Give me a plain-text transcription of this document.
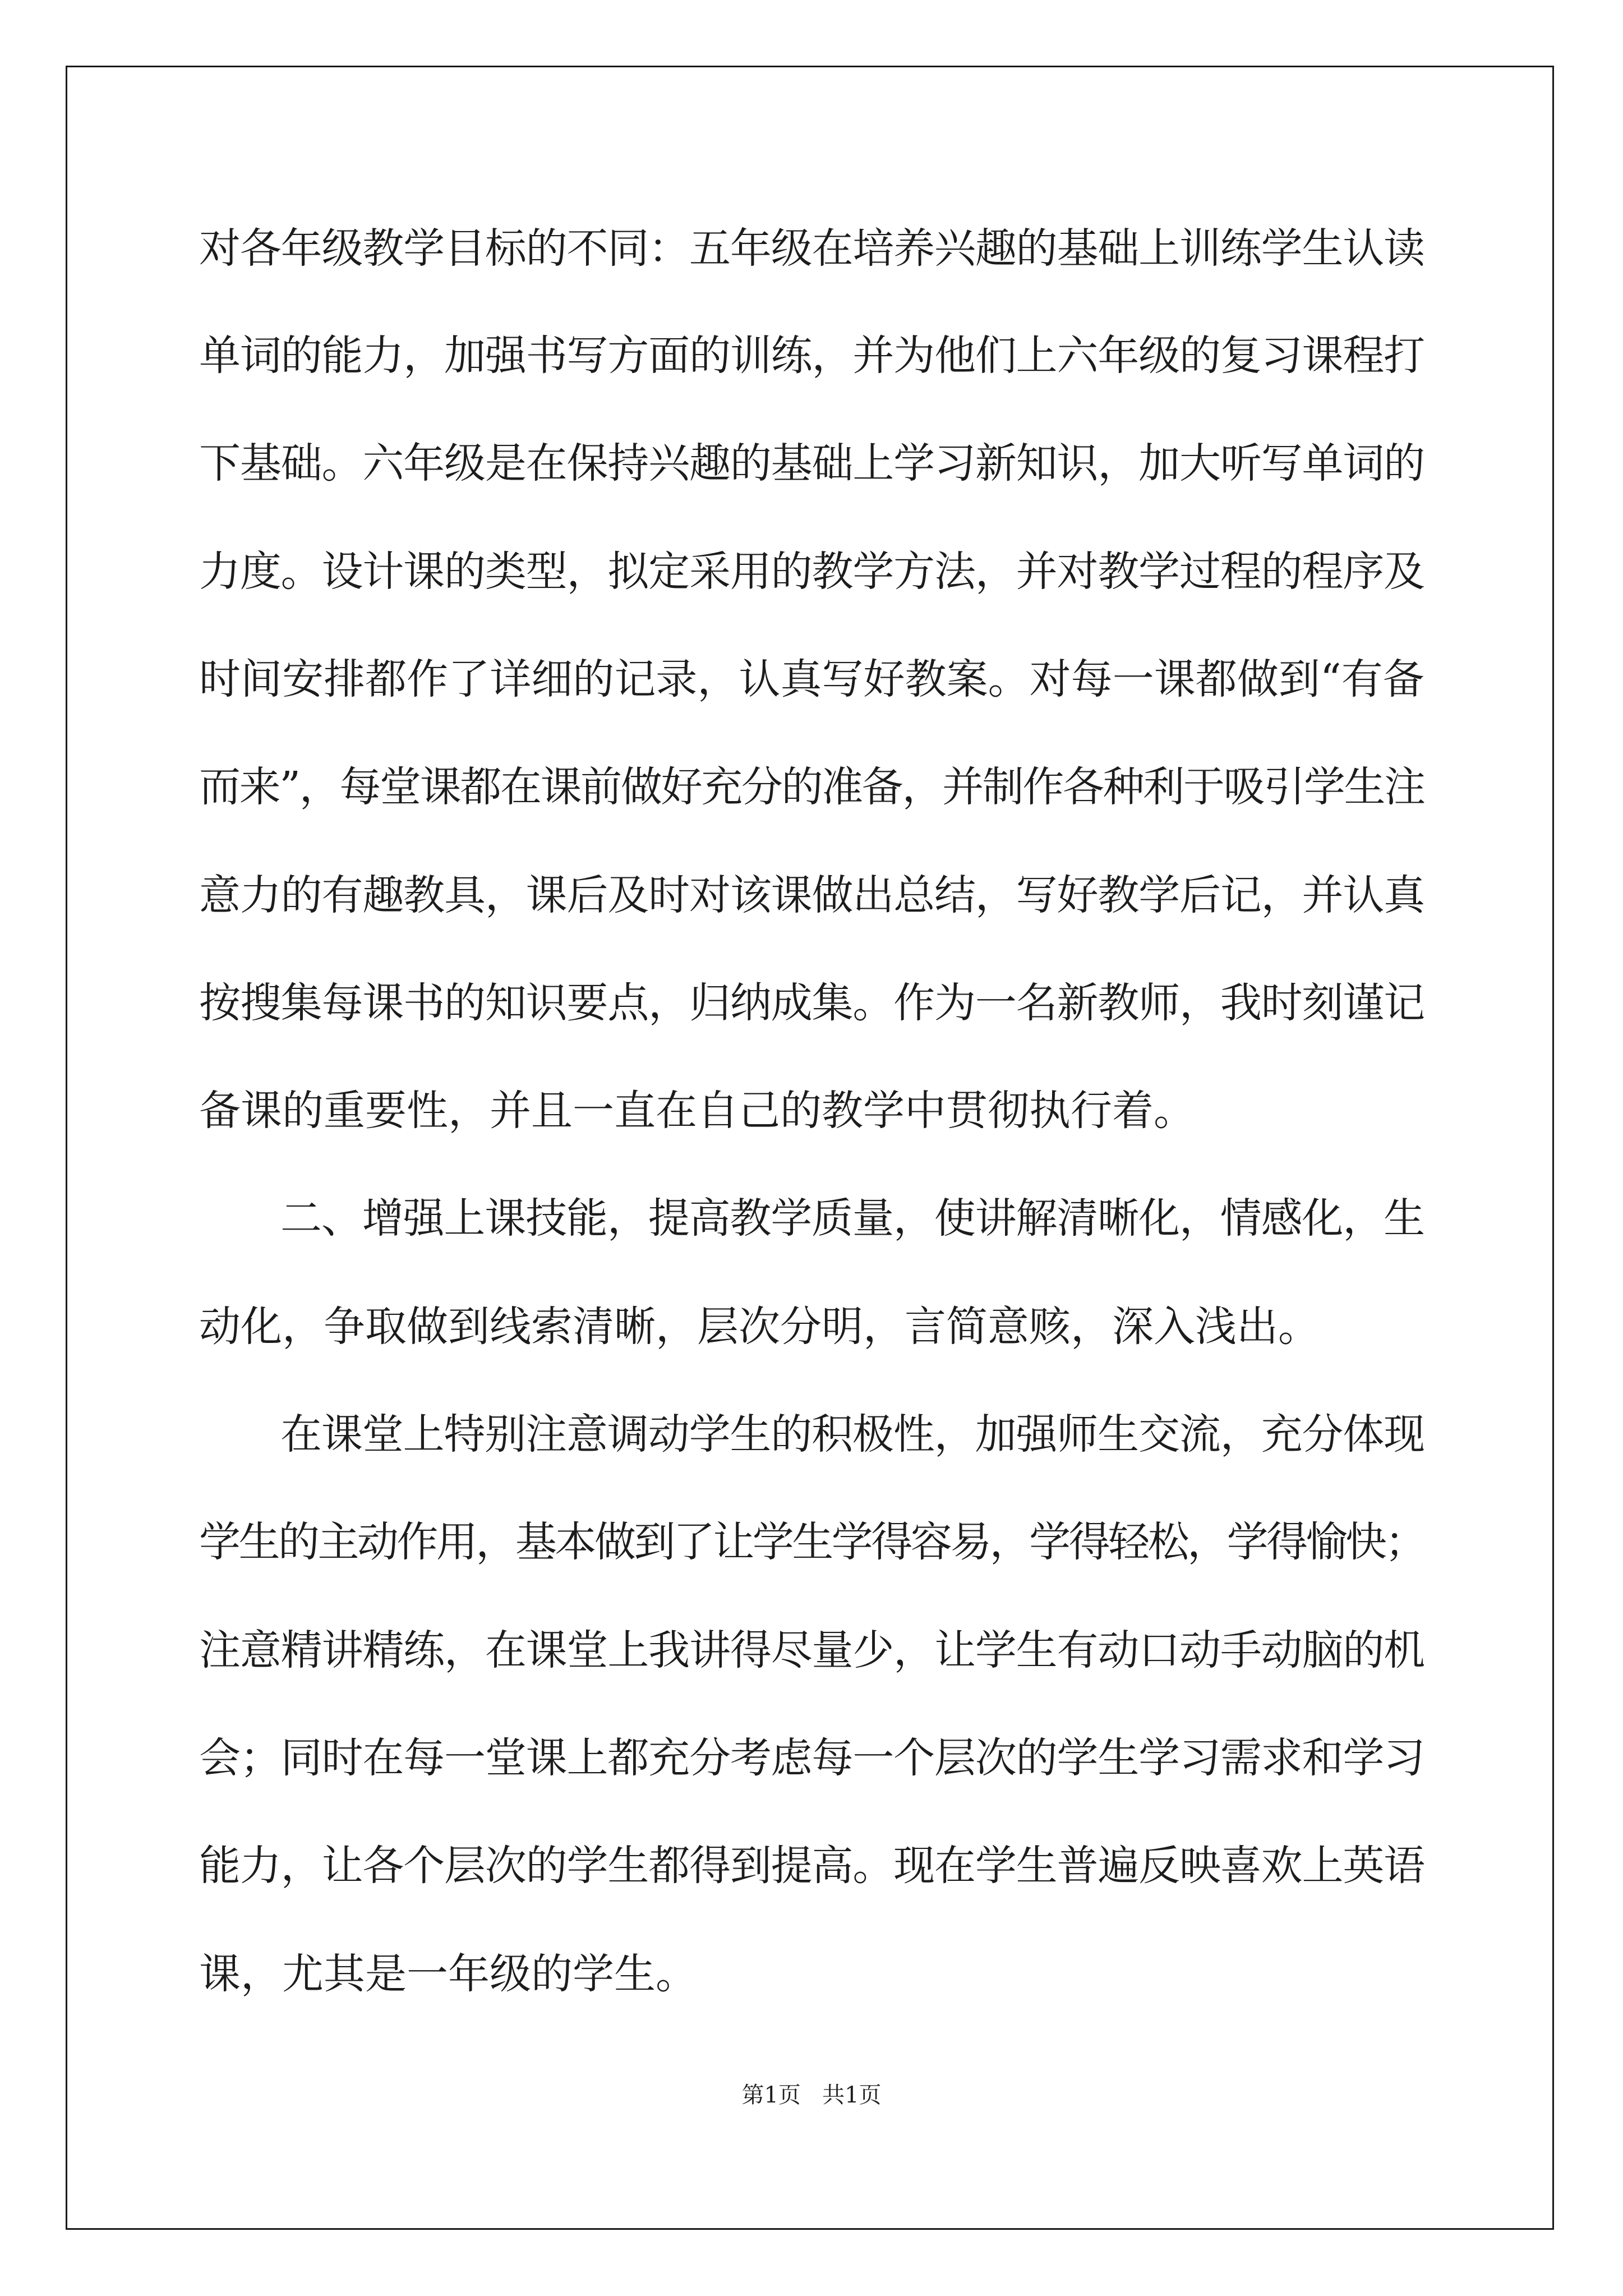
对各年级教学目标的不同：五年级在培养兴趣的基础上训练学生认读

单词的能力，加强书写方面的训练，并为他们上六年级的复习课程打

下基础。六年级是在保持兴趣的基础上学习新知识，加大听写单词的

力度。设计课的类型，拟定采用的教学方法，并对教学过程的程序及

时间安排都作了详细的记录，认真写好教案。对每一课都做到“有备

而来”，每堂课都在课前做好充分的准备，并制作各种利于吸引学生注

意力的有趣教具，课后及时对该课做出总结，写好教学后记，并认真

按搜集每课书的知识要点，归纳成集。作为一名新教师，我时刻谨记

备课的重要性，并且一直在自己的教学中贯彻执行着。

二、增强上课技能，提高教学质量，使讲解清晰化，情感化，生

动化，争取做到线索清晰，层次分明，言简意赅，深入浅出。

在课堂上特别注意调动学生的积极性，加强师生交流，充分体现

学生的主动作用，基本做到了让学生学得容易，学得轻松，学得愉快；

注意精讲精练，在课堂上我讲得尽量少，让学生有动口动手动脑的机

会；同时在每一堂课上都充分考虑每一个层次的学生学习需求和学习

能力，让各个层次的学生都得到提高。现在学生普遍反映喜欢上英语

课，尤其是一年级的学生。

第1页 共1页
